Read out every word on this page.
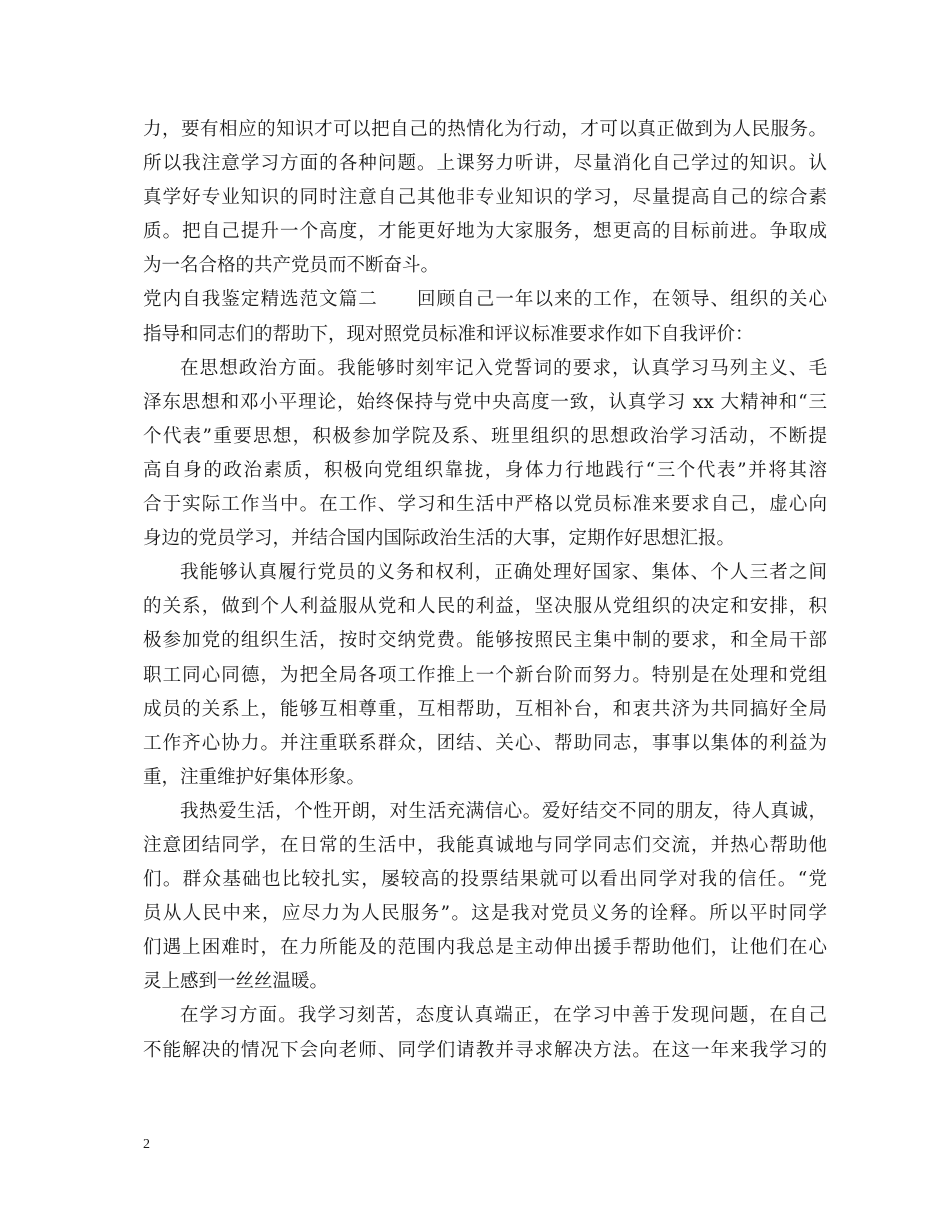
力，要有相应的知识才可以把自己的热情化为行动，才可以真正做到为人民服务。
所以我注意学习方面的各种问题。上课努力听讲，尽量消化自己学过的知识。认
真学好专业知识的同时注意自己其他非专业知识的学习，尽量提高自己的综合素
质。把自己提升一个高度，才能更好地为大家服务，想更高的目标前进。争取成
为一名合格的共产党员而不断奋斗。
党内自我鉴定精选范文篇二　　回顾自己一年以来的工作，在领导、组织的关心
指导和同志们的帮助下，现对照党员标准和评议标准要求作如下自我评价：
在思想政治方面。我能够时刻牢记入党誓词的要求，认真学习马列主义、毛
泽东思想和邓小平理论，始终保持与党中央高度一致，认真学习 xx 大精神和“三
个代表”重要思想，积极参加学院及系、班里组织的思想政治学习活动，不断提
高自身的政治素质，积极向党组织靠拢，身体力行地践行“三个代表”并将其溶
合于实际工作当中。在工作、学习和生活中严格以党员标准来要求自己，虚心向
身边的党员学习，并结合国内国际政治生活的大事，定期作好思想汇报。
我能够认真履行党员的义务和权利，正确处理好国家、集体、个人三者之间
的关系，做到个人利益服从党和人民的利益，坚决服从党组织的决定和安排，积
极参加党的组织生活，按时交纳党费。能够按照民主集中制的要求，和全局干部
职工同心同德，为把全局各项工作推上一个新台阶而努力。特别是在处理和党组
成员的关系上，能够互相尊重，互相帮助，互相补台，和衷共济为共同搞好全局
工作齐心协力。并注重联系群众，团结、关心、帮助同志，事事以集体的利益为
重，注重维护好集体形象。
我热爱生活，个性开朗，对生活充满信心。爱好结交不同的朋友，待人真诚，
注意团结同学，在日常的生活中，我能真诚地与同学同志们交流，并热心帮助他
们。群众基础也比较扎实，屡较高的投票结果就可以看出同学对我的信任。“党
员从人民中来，应尽力为人民服务”。这是我对党员义务的诠释。所以平时同学
们遇上困难时，在力所能及的范围内我总是主动伸出援手帮助他们，让他们在心
灵上感到一丝丝温暖。
在学习方面。我学习刻苦，态度认真端正，在学习中善于发现问题，在自己
不能解决的情况下会向老师、同学们请教并寻求解决方法。在这一年来我学习的
2
